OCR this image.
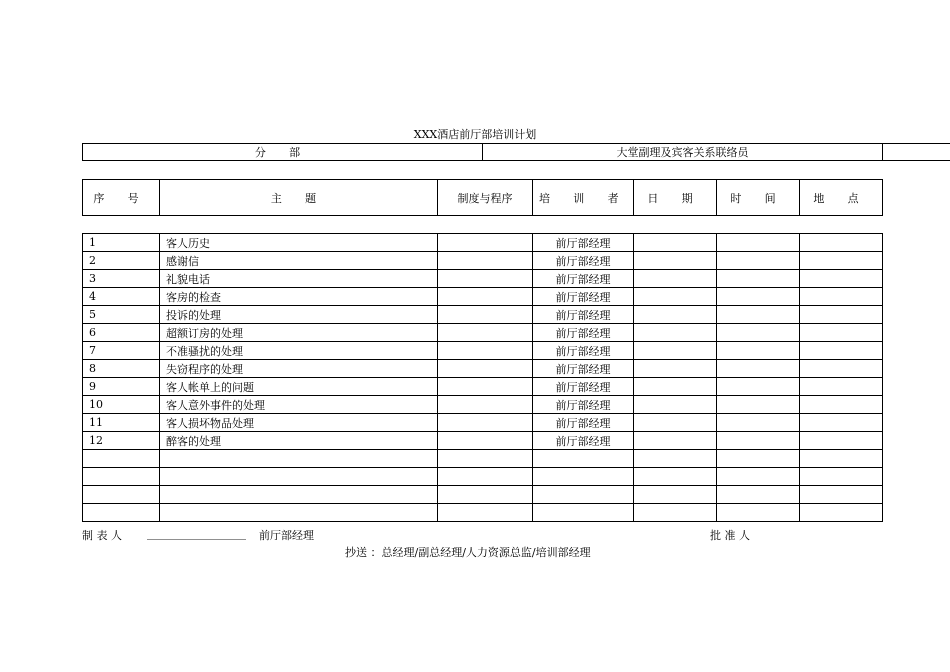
XXX酒店前厅部培训计划
分 部	大堂副理及宾客关系联络员	
序 号	主 题	制度与程序	培 训 者	日 期	时 间	地 点
1	客人历史		前厅部经理			
2	感谢信		前厅部经理			
3	礼貌电话		前厅部经理			
4	客房的检查		前厅部经理			
5	投诉的处理		前厅部经理			
6	超额订房的处理		前厅部经理			
7	不准骚扰的处理		前厅部经理			
8	失窃程序的处理		前厅部经理			
9	客人帐单上的问题		前厅部经理			
10	客人意外事件的处理		前厅部经理			
11	客人损坏物品处理		前厅部经理			
12	醉客的处理		前厅部经理			

制 表 人 __________________ 前厅部经理	批 准 人
抄送 ：总经理/副总经理/人力资源总监/培训部经理
